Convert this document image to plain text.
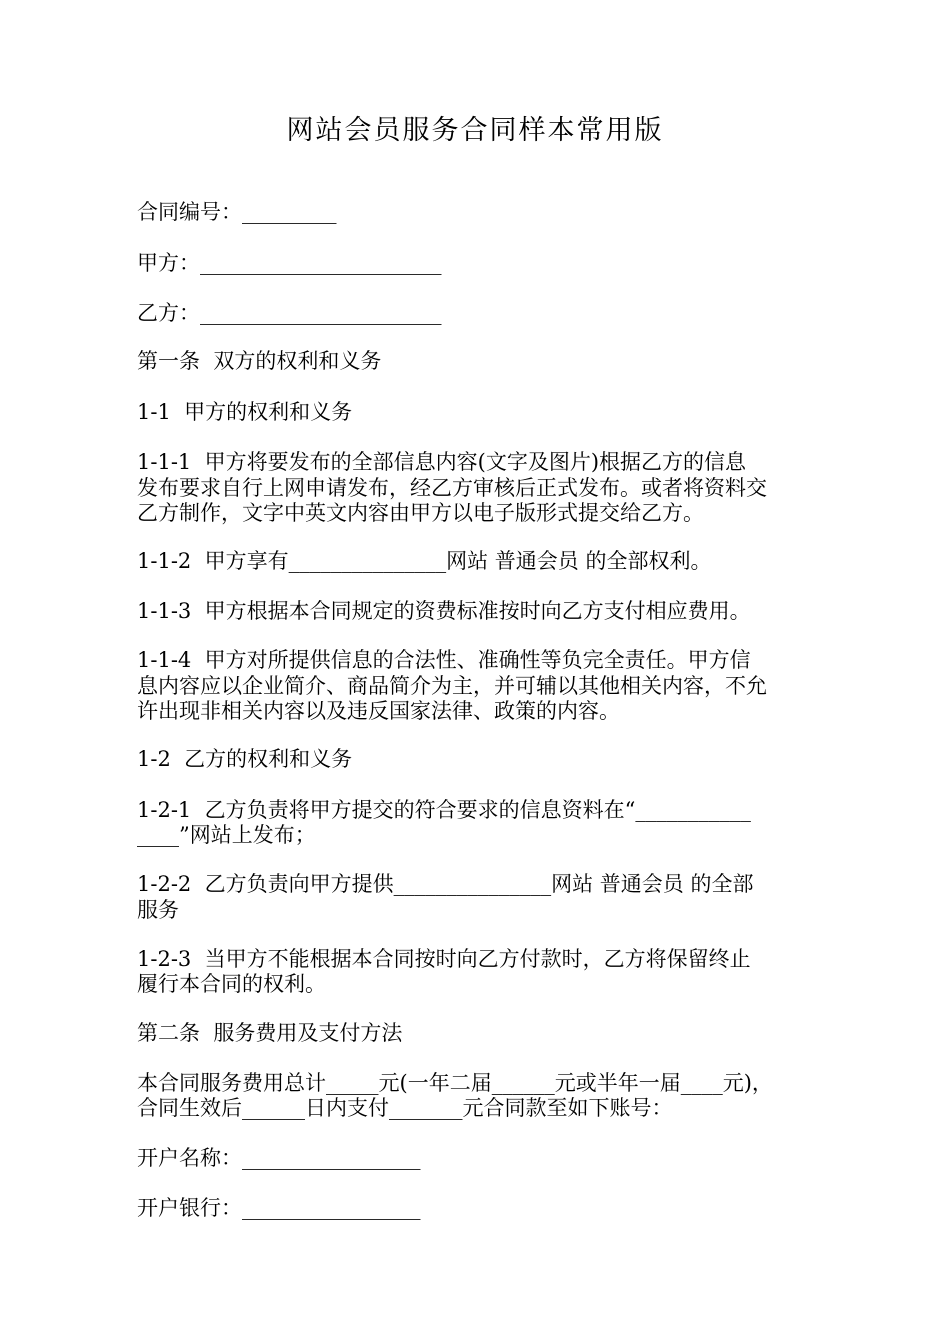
网站会员服务合同样本常用版
合同编号：_________
甲方：_______________________
乙方：_______________________
第一条  双方的权利和义务
1-1  甲方的权利和义务
1-1-1  甲方将要发布的全部信息内容(文字及图片)根据乙方的信息
发布要求自行上网申请发布，经乙方审核后正式发布。或者将资料交
乙方制作，文字中英文内容由甲方以电子版形式提交给乙方。
1-1-2  甲方享有_______________网站 普通会员 的全部权利。
1-1-3  甲方根据本合同规定的资费标准按时向乙方支付相应费用。
1-1-4  甲方对所提供信息的合法性、准确性等负完全责任。甲方信
息内容应以企业简介、商品简介为主，并可辅以其他相关内容，不允
许出现非相关内容以及违反国家法律、政策的内容。
1-2  乙方的权利和义务
1-2-1  乙方负责将甲方提交的符合要求的信息资料在“___________
____”网站上发布；
1-2-2  乙方负责向甲方提供_______________网站 普通会员 的全部
服务
1-2-3  当甲方不能根据本合同按时向乙方付款时，乙方将保留终止
履行本合同的权利。
第二条  服务费用及支付方法
本合同服务费用总计_____元(一年二届______元或半年一届____元)，
合同生效后______日内支付_______元合同款至如下账号：
开户名称：_________________
开户银行：_________________
